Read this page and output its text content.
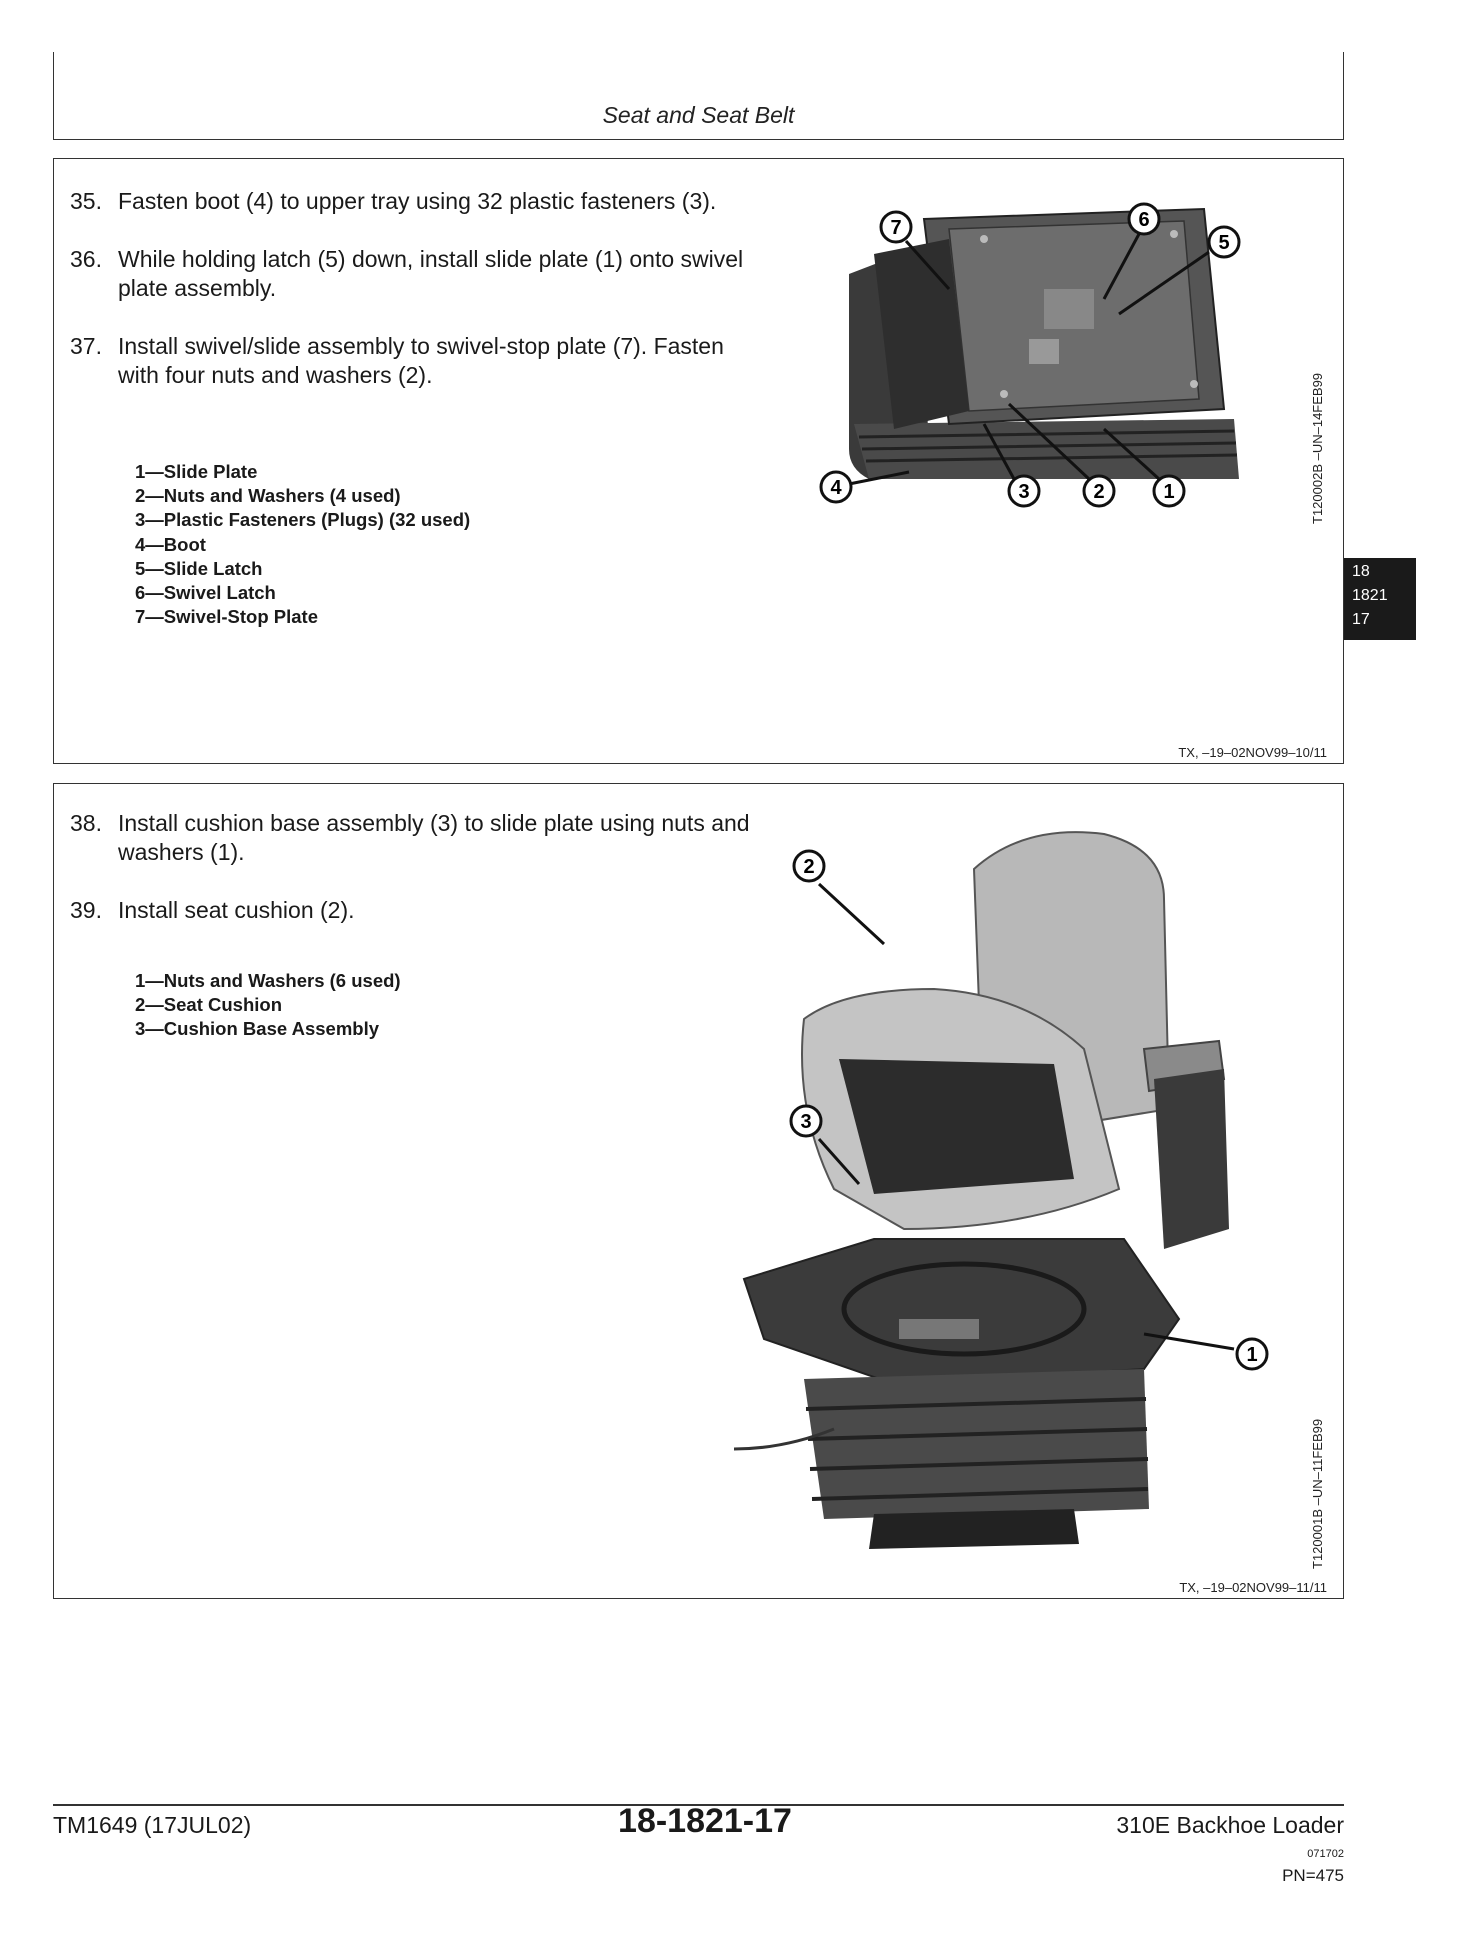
Seat and Seat Belt
35. Fasten boot (4) to upper tray using 32 plastic fasteners (3).
36. While holding latch (5) down, install slide plate (1) onto swivel plate assembly.
37. Install swivel/slide assembly to swivel-stop plate (7). Fasten with four nuts and washers (2).
1—Slide Plate
2—Nuts and Washers (4 used)
3—Plastic Fasteners (Plugs) (32 used)
4—Boot
5—Slide Latch
6—Swivel Latch
7—Swivel-Stop Plate
7	6
5
4	3	2	1	T120002B –UN–14FEB99
TX, –19–02NOV99–10/11
38. Install cushion base assembly (3) to slide plate using nuts and washers (1).
39. Install seat cushion (2).
1—Nuts and Washers (6 used)
2—Seat Cushion
3—Cushion Base Assembly
2
3
1
T120001B –UN–11FEB99
TX, –19–02NOV99–11/11
18
1821
17
TM1649 (17JUL02)	18-1821-17	310E Backhoe Loader
071702
PN=475
